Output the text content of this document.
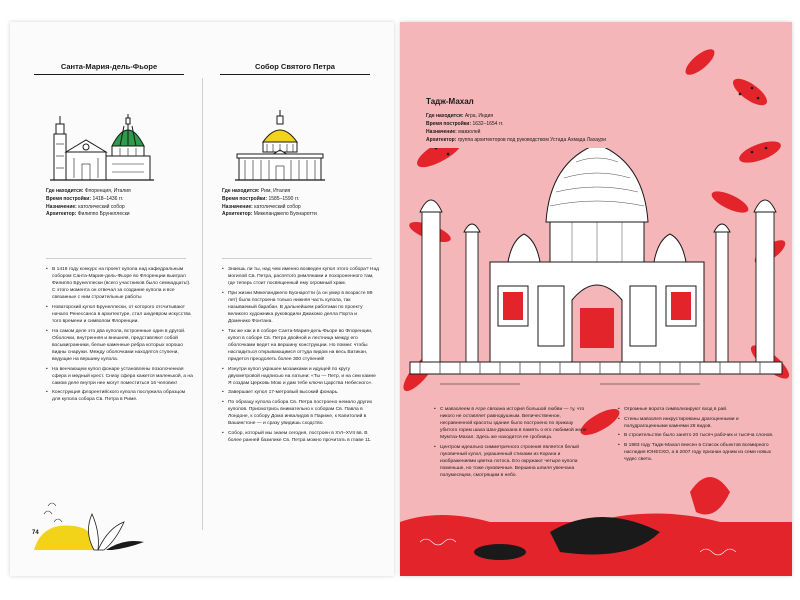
Санта-Мария-дель-Фьоре
Где находится: Флоренция, Италия
Время постройки: 1418–1436 гг.
Назначение: католический собор
Архитектор: Филиппо Брунеллески
• В 1418 году конкурс на проект купола над кафедральным собором Санта-Мария-дель-Фьоре во Флоренции выиграл Филиппо Брунеллески (всего участников было семнадцать!). С этого момента он отвечал за создание купола и все связанные с ним строительные работы
• Новаторский купол Брунеллески, от которого отсчитывают начало Ренессанса в архитектуре, стал шедевром искусства того времени и символом Флоренции.
• На самом деле это два купола, встроенные один в другой. Оболочки, внутренняя и внешняя, представляют собой восьмигранники, белые каменные ребра которых хорошо видны снаружи. Между оболочками находятся ступени, ведущие на вершину купола.
• На венчающем купол фонаре установлены позолоченная сфера и медный крест. Снизу сфера кажется маленькой, а на самом деле внутри нее могут поместиться 16 человек!
• Конструкция флорентийского купола послужила образцом для купола собора Св. Петра в Риме.
Собор Святого Петра
Где находится: Рим, Италия
Время постройки: 1585–1590 гг.
Назначение: католический собор
Архитектор: Микеланджело Буонаротти
• Знаешь ли ты, над чем именно возведен купол этого собора? Над могилой Св. Петра, распятого римлянами и похороненного там, где теперь стоит посвященный ему огромный храм.
• При жизни Микеланджело Буонаротти (а он умер в возрасте 89 лет) была построена только нижняя часть купола, так называемый барабан. В дальнейшем работами по проекту великого художника руководили Джакомо делла Порта и Доменико Фонтана.
• Так же как и в соборе Санта-Мария-дель-Фьоре во Флоренции, купол в соборе Св. Петра двойной и лестница между его оболочками ведет на вершину конструкции. Но помни: чтобы насладиться открывающимся оттуда видом на весь Ватикан, придется преодолеть более 300 ступеней!
• Изнутри купол украшен мозаиками и идущей по кругу двухметровой надписью на латыни: «Ты — Петр, и на сем камне Я создам Церковь Мою и дам тебе ключи Царства Небесного».
• Завершает купол 17-метровый высокий фонарь.
• По образцу купола собора Св. Петра построено немало других куполов. Присмотрись внимательно к соборам Св. Павла в Лондоне, к собору Дома инвалидов в Париже, к Капитолий в Вашингтоне — и сразу увидишь сходство.
• Собор, который мы знаем сегодня, построен в XVI–XVII вв. В более ранней базилике Св. Петра можно прочитать в главе 11.
74
Тадж-Махал
Где находится: Агра, Индия
Время постройки: 1632–1654 гг.
Назначение: мавзолей
Архитектор: группа архитекторов под руководством Устада Ахмада Лахаури
• С мавзолеем в Агре связана история большой любви — ту, что никого не оставляет равнодушным. Величественное, несравненной красоты здание было построено по приказу убитого горем шаха Шах-Джахана в память о его любимой жене Мумтаз-Махал. Здесь же находится ее гробница.
• Центром идеально симметричного строения является белый луковичный купол, украшенный стихами из Корана и изображениями цветка лотоса. Его окружают четыре купола поменьше, но тоже луковичные. Вершина шпиля увенчана полумесяцем, смотрящим в небо.
• Огромные ворота символизируют вход в рай.
• Стены мавзолея инкрустированы драгоценными и полудрагоценными камнями 28 видов.
• В строительстве было занято 20 тысяч рабочих и тысяча слонов.
• В 1983 году Тадж-Махал внесен в Список объектов всемирного наследия ЮНЕСКО, а в 2007 году признан одним из семи новых чудес света.
